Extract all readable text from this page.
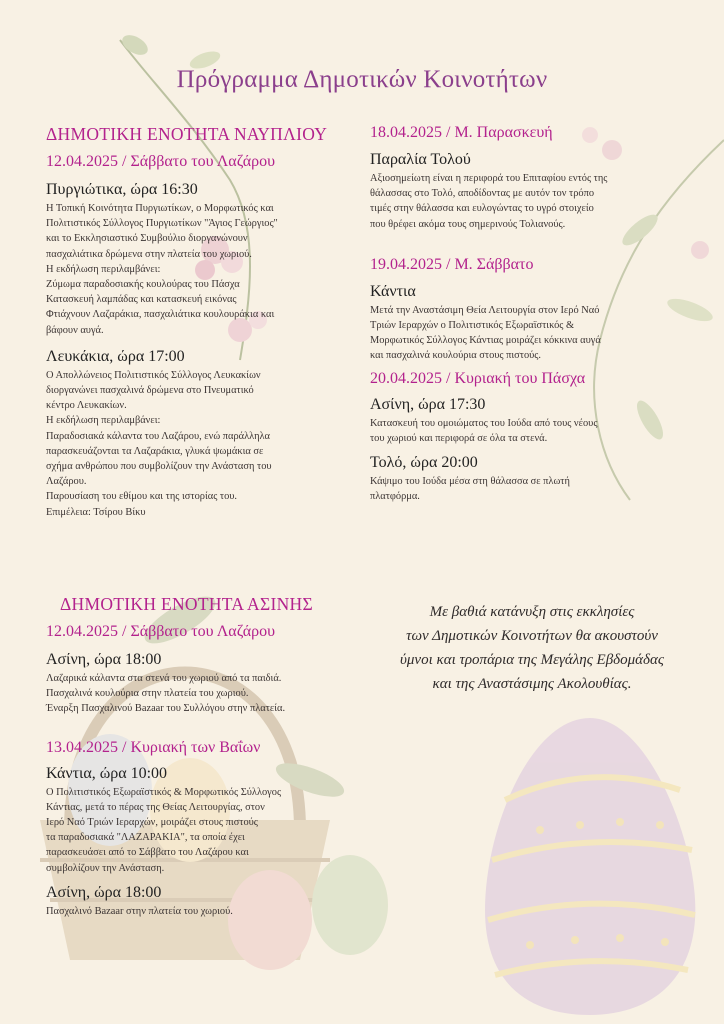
Πρόγραμμα Δημοτικών Κοινοτήτων
ΔΗΜΟΤΙΚΗ ΕΝΟΤΗΤΑ ΝΑΥΠΛΙΟΥ
12.04.2025 / Σάββατο του Λαζάρου
Πυργιώτικα, ώρα 16:30
Η Τοπική Κοινότητα Πυργιωτίκων, ο Μορφωτικός και
Πολιτιστικός Σύλλογος Πυργιωτίκων "Άγιος Γεώργιος"
και το Εκκλησιαστικό Συμβούλιο διοργανώνουν
πασχαλιάτικα δρώμενα στην πλατεία του χωριού.
Η εκδήλωση περιλαμβάνει:
Ζύμωμα παραδοσιακής κουλούρας του Πάσχα
Κατασκευή λαμπάδας και κατασκευή εικόνας
Φτιάχνουν Λαζαράκια, πασχαλιάτικα κουλουράκια και
βάφουν αυγά.
Λευκάκια, ώρα 17:00
Ο Απολλώνειος Πολιτιστικός Σύλλογος Λευκακίων
διοργανώνει πασχαλινά δρώμενα στο Πνευματικό
κέντρο Λευκακίων.
Η εκδήλωση περιλαμβάνει:
Παραδοσιακά κάλαντα του Λαζάρου, ενώ παράλληλα
παρασκευάζονται τα Λαζαράκια, γλυκά ψωμάκια σε
σχήμα ανθρώπου που συμβολίζουν την Ανάσταση του
Λαζάρου.
Παρουσίαση του εθίμου και της ιστορίας του.
Επιμέλεια: Τσίρου Βίκυ
ΔΗΜΟΤΙΚΗ ΕΝΟΤΗΤΑ ΑΣΙΝΗΣ
12.04.2025 / Σάββατο του Λαζάρου
Ασίνη, ώρα 18:00
Λαζαρικά κάλαντα στα στενά του χωριού από τα παιδιά.
Πασχαλινά κουλούρια στην πλατεία του χωριού.
Έναρξη Πασχαλινού Bazaar του Συλλόγου στην πλατεία.
13.04.2025 / Κυριακή των Βαΐων
Κάντια, ώρα 10:00
Ο Πολιτιστικός Εξωραϊστικός & Μορφωτικός Σύλλογος
Κάντιας, μετά το πέρας της Θείας Λειτουργίας, στον
Ιερό Ναό Τριών Ιεραρχών, μοιράζει στους πιστούς
τα παραδοσιακά "ΛΑΖΑΡΑΚΙΑ", τα οποία έχει
παρασκευάσει από το Σάββατο του Λαζάρου και
συμβολίζουν την Ανάσταση.
Ασίνη, ώρα 18:00
Πασχαλινό Bazaar στην πλατεία του χωριού.
18.04.2025 / Μ. Παρασκευή
Παραλία Τολού
Αξιοσημείωτη είναι η περιφορά του Επιταφίου εντός της
θάλασσας στο Τολό, αποδίδοντας με αυτόν τον τρόπο
τιμές στην θάλασσα και ευλογώντας το υγρό στοιχείο
που θρέφει ακόμα τους σημερινούς Τολιανούς.
19.04.2025 / Μ. Σάββατο
Κάντια
Μετά την Αναστάσιμη Θεία Λειτουργία στον Ιερό Ναό
Τριών Ιεραρχών ο Πολιτιστικός Εξωραϊστικός &
Μορφωτικός Σύλλογος Κάντιας μοιράζει κόκκινα αυγά
και πασχαλινά κουλούρια στους πιστούς.
20.04.2025 / Κυριακή του Πάσχα
Ασίνη, ώρα 17:30
Κατασκευή του ομοιώματος του Ιούδα από τους νέους
του χωριού και περιφορά σε όλα τα στενά.
Τολό, ώρα 20:00
Κάψιμο του Ιούδα μέσα στη θάλασσα σε πλωτή
πλατφόρμα.
Με βαθιά κατάνυξη στις εκκλησίες
των Δημοτικών Κοινοτήτων θα ακουστούν
ύμνοι και τροπάρια της Μεγάλης Εβδομάδας
και της Αναστάσιμης Ακολουθίας.
